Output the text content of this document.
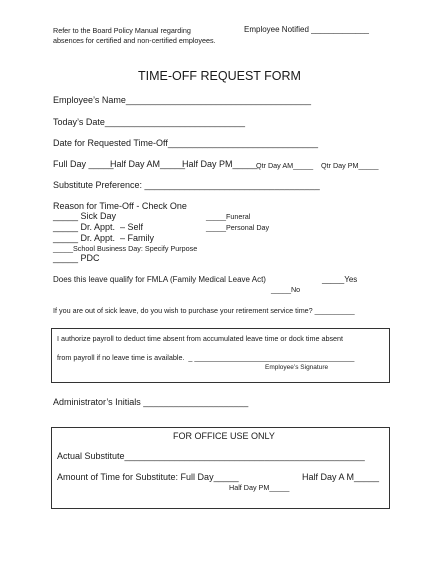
Refer to the Board Policy Manual regarding
absences for certified and non-certified employees.
Employee Notified _____________
TIME-OFF REQUEST FORM
Employee’s Name_____________________________________
Today’s Date____________________________
Date for Requested Time-Off______________________________
Full Day _____
Half Day AM_____
Half Day PM_____
Qtr Day AM_____ Qtr Day PM_____
Substitute Preference: ___________________________________
Reason for Time-Off - Check One
_____ Sick Day
_____ Dr. Appt.  – Self
_____ Dr. Appt.  – Family
_____School Business Day: Specify Purpose
_____ PDC
_____Funeral
_____Personal Day
Does this leave qualify for FMLA (Family Medical Leave Act)	_____Yes
_____No
If you are out of sick leave, do you wish to purchase your retirement service time? __________
I authorize payroll to deduct time absent from accumulated leave time or dock time absent
from payroll if no leave time is available.  _ ________________________________________
Employee’s Signature
Administrator’s Initials _____________________
FOR OFFICE USE ONLY
Actual Substitute________________________________________________
Amount of Time for Substitute: Full Day_____	Half Day A M_____
Half Day PM_____
